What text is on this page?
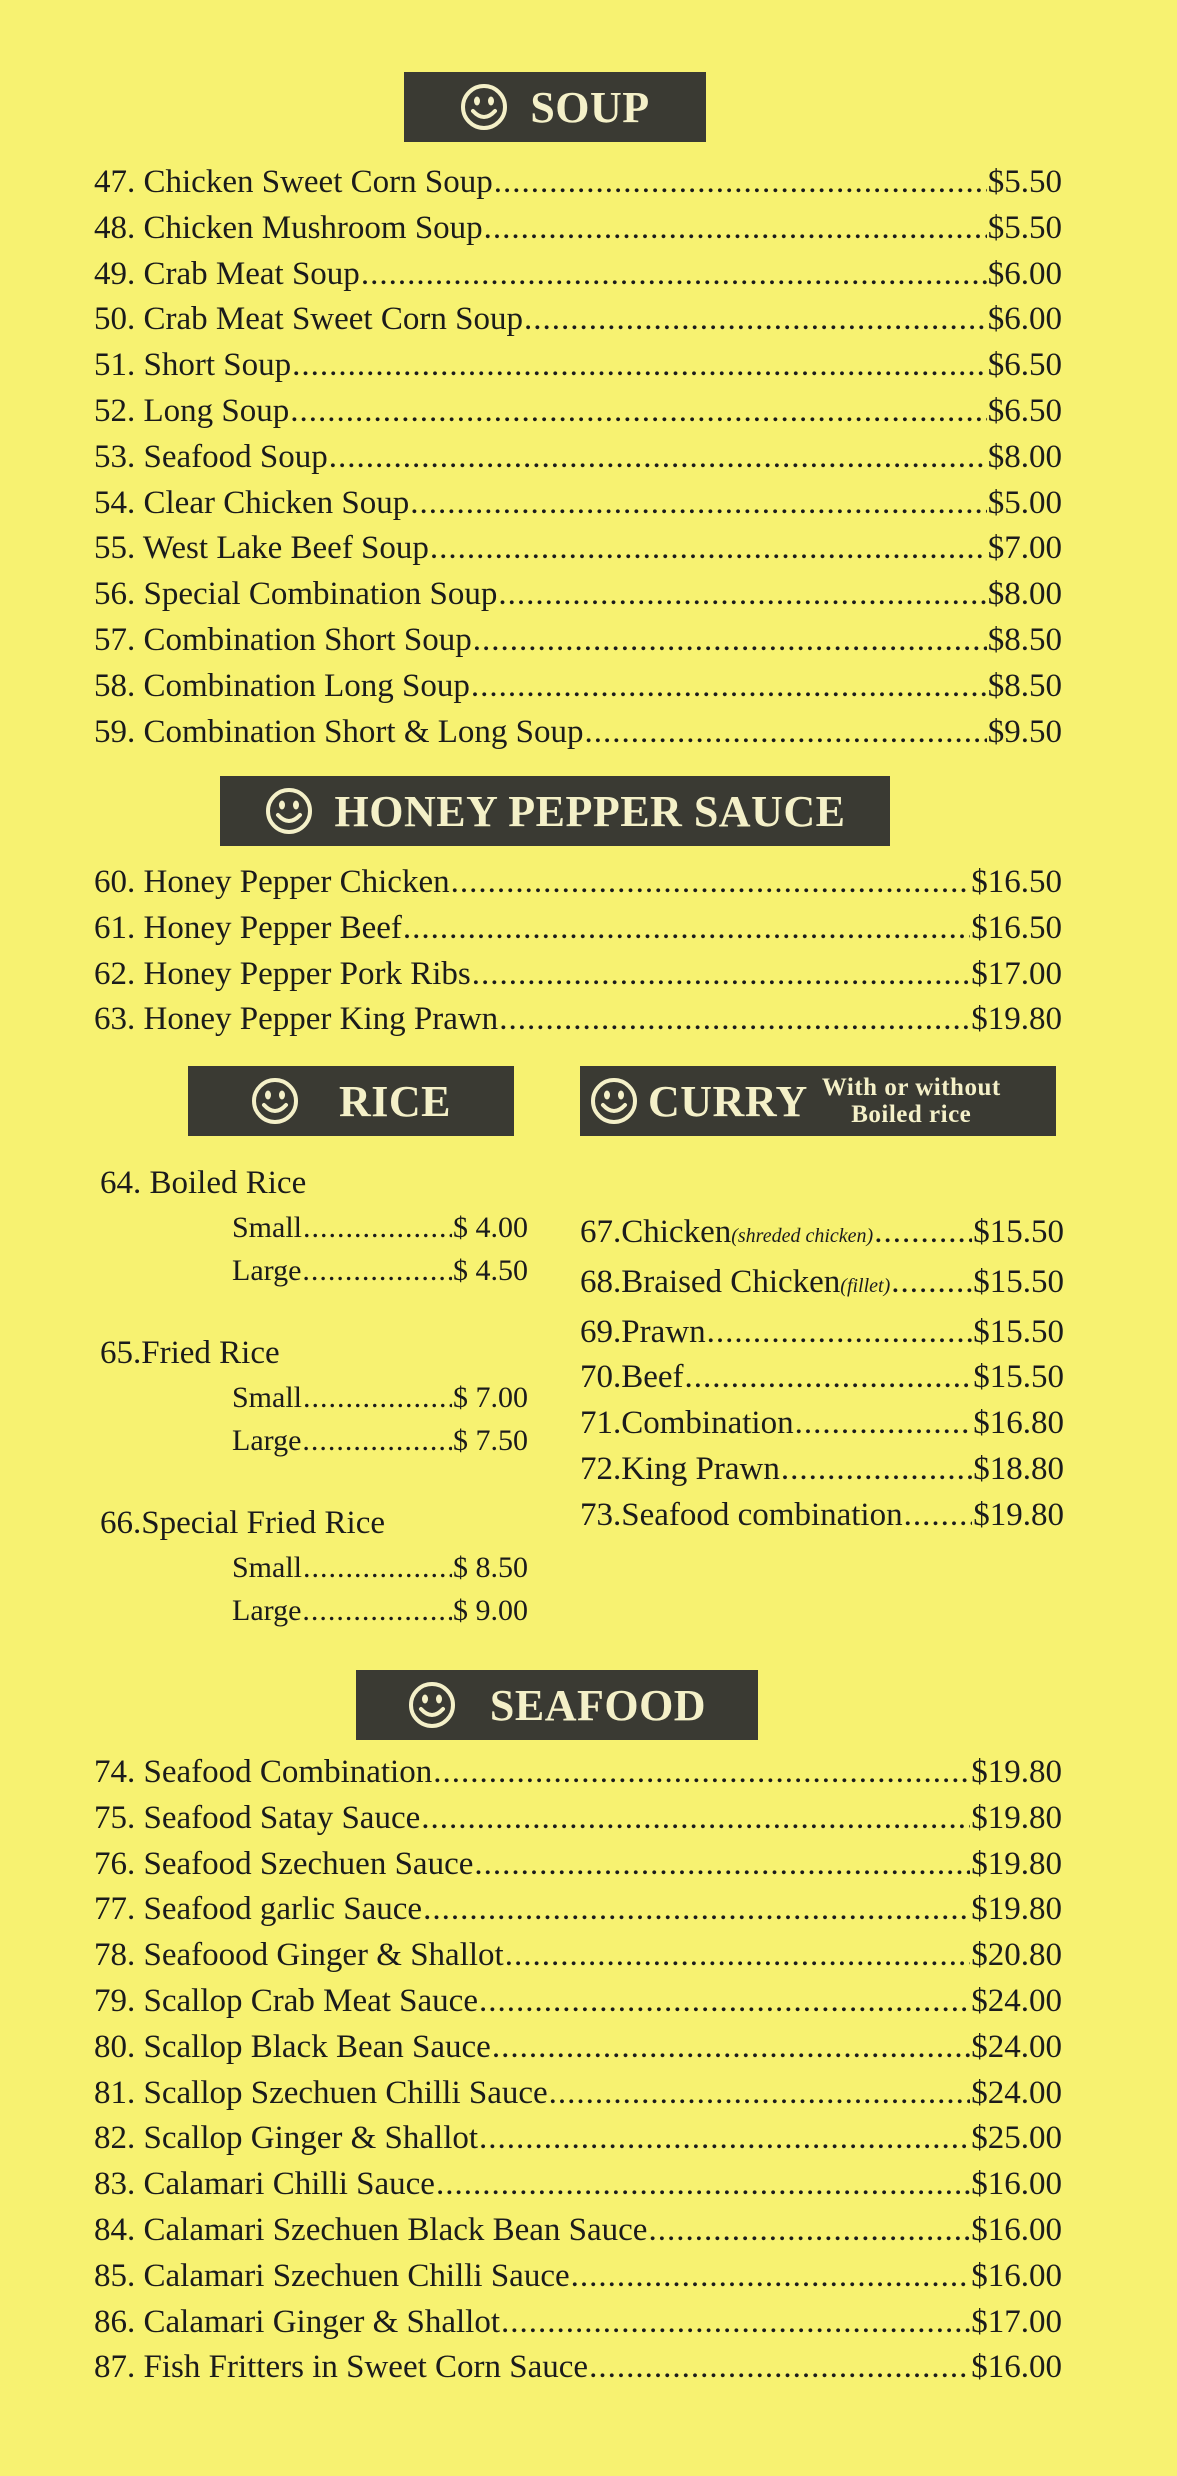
SOUP
47. Chicken Sweet Corn Soup .....	$5.50
48. Chicken Mushroom Soup .....	$5.50
49. Crab Meat Soup .....	$6.00
50. Crab Meat Sweet Corn Soup .....	$6.00
51. Short Soup .....	$6.50
52. Long Soup .....	$6.50
53. Seafood Soup .....	$8.00
54. Clear Chicken Soup .....	$5.00
55. West Lake Beef Soup .....	$7.00
56. Special Combination Soup .....	$8.00
57. Combination Short Soup .....	$8.50
58. Combination Long Soup .....	$8.50
59. Combination Short & Long Soup .....	$9.50
HONEY PEPPER SAUCE
60. Honey Pepper Chicken .....	$16.50
61. Honey Pepper Beef .....	$16.50
62. Honey Pepper Pork Ribs .....	$17.00
63. Honey Pepper King Prawn .....	$19.80
RICE
64. Boiled Rice
Small .....	$ 4.00
Large .....	$ 4.50
65.Fried Rice
Small .....	$ 7.00
Large .....	$ 7.50
66.Special Fried Rice
Small .....	$ 8.50
Large .....	$ 9.00
CURRY With or without
Boiled rice
67.Chicken (shreded chicken) .....	$15.50
68.Braised Chicken (fillet) .....	$15.50
69.Prawn .....	$15.50
70.Beef .....	$15.50
71.Combination .....	$16.80
72.King Prawn .....	$18.80
73.Seafood combination ..... $19.80
SEAFOOD
74. Seafood Combination .....	$19.80
75. Seafood Satay Sauce .....	$19.80
76. Seafood Szechuen Sauce .....	$19.80
77. Seafood garlic Sauce .....	$19.80
78. Seafoood Ginger & Shallot .....	$20.80
79. Scallop Crab Meat Sauce .....	$24.00
80. Scallop Black Bean Sauce .....	$24.00
81. Scallop Szechuen Chilli Sauce .....	$24.00
82. Scallop Ginger & Shallot .....	$25.00
83. Calamari Chilli Sauce .....	$16.00
84. Calamari Szechuen Black Bean Sauce .....	$16.00
85. Calamari Szechuen Chilli Sauce .....	$16.00
86. Calamari Ginger & Shallot .....	$17.00
87. Fish Fritters in Sweet Corn Sauce .....	$16.00
